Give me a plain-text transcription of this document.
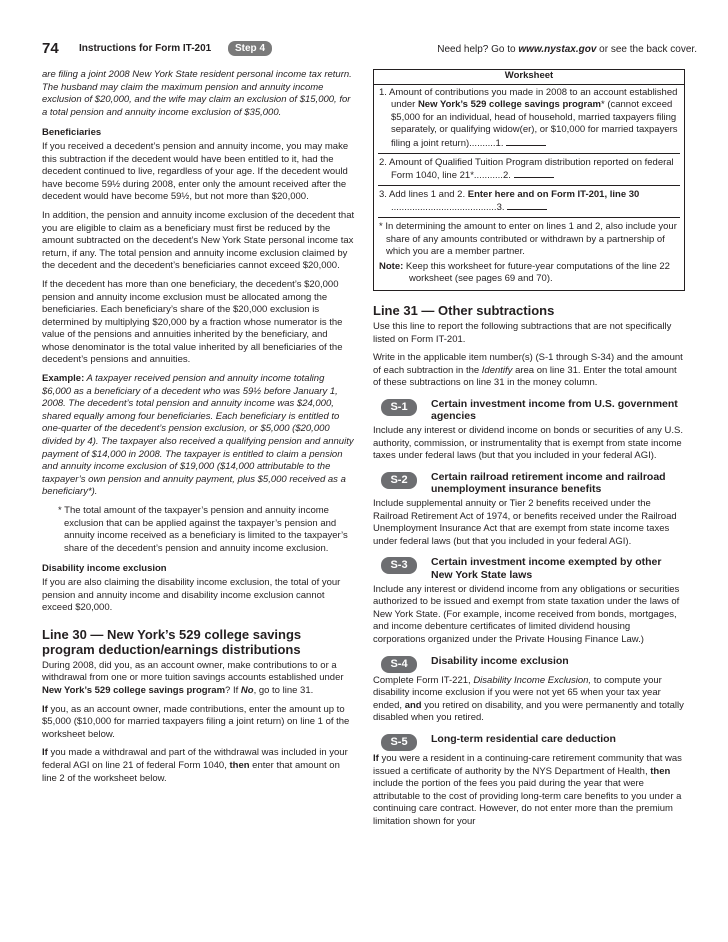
74 Instructions for Form IT-201	Step 4	Need help? Go to www.nystax.gov or see the back cover.
are filing a joint 2008 New York State resident personal income tax return. The husband may claim the maximum pension and annuity income exclusion of $20,000, and the wife may claim an exclusion of $15,000, for a total pension and annuity income exclusion of $35,000.
Beneficiaries
If you received a decedent’s pension and annuity income, you may make this subtraction if the decedent would have been entitled to it, had the decedent continued to live, regardless of your age. If the decedent would have become 59½ during 2008, enter only the amount received after the decedent would have become 59½, but not more than $20,000.
In addition, the pension and annuity income exclusion of the decedent that you are eligible to claim as a beneficiary must first be reduced by the amount subtracted on the decedent’s New York State personal income tax return, if any. The total pension and annuity income exclusion claimed by the decedent and the decedent’s beneficiaries cannot exceed $20,000.
If the decedent has more than one beneficiary, the decedent’s $20,000 pension and annuity income exclusion must be allocated among the beneficiaries. Each beneficiary’s share of the $20,000 exclusion is determined by multiplying $20,000 by a fraction whose numerator is the value of the pensions and annuities inherited by the beneficiary, and whose denominator is the total value inherited by all beneficiaries of the decedent’s pensions and annuities.
Example: A taxpayer received pension and annuity income totaling $6,000 as a beneficiary of a decedent who was 59½ before January 1, 2008. The decedent’s total pension and annuity income was $24,000, shared equally among four beneficiaries. Each beneficiary is entitled to one-quarter of the decedent’s pension exclusion, or $5,000 ($20,000 divided by 4). The taxpayer also received a qualifying pension and annuity payment of $14,000 in 2008. The taxpayer is entitled to claim a pension and annuity income exclusion of $19,000 ($14,000 attributable to the taxpayer’s own pension and annuity payment, plus $5,000 received as a beneficiary*).
* The total amount of the taxpayer’s pension and annuity income exclusion that can be applied against the taxpayer’s pension and annuity income received as a beneficiary is limited to the taxpayer’s share of the decedent’s pension and annuity income exclusion.
Disability income exclusion
If you are also claiming the disability income exclusion, the total of your pension and annuity income and disability income exclusion cannot exceed $20,000.
Line 30 — New York’s 529 college savings program deduction/earnings distributions
During 2008, did you, as an account owner, make contributions to or a withdrawal from one or more tuition savings accounts established under New York’s 529 college savings program? If No, go to line 31.
If you, as an account owner, made contributions, enter the amount up to $5,000 ($10,000 for married taxpayers filing a joint return) on line 1 of the worksheet below.
If you made a withdrawal and part of the withdrawal was included in your federal AGI on line 21 of federal Form 1040, then enter that amount on line 2 of the worksheet below.
Worksheet
1. Amount of contributions you made in 2008 to an account established under New York’s 529 college savings program* (cannot exceed $5,000 for an individual, head of household, married taxpayers filing separately, or qualifying widow(er), or $10,000 for married taxpayers filing a joint return)..........1.
2. Amount of Qualified Tuition Program distribution reported on federal Form 1040, line 21*...........2.
3. Add lines 1 and 2. Enter here and on Form IT-201, line 30 ........................................3.
* In determining the amount to enter on lines 1 and 2, also include your share of any amounts contributed or withdrawn by a partnership of which you are a member partner.
Note: Keep this worksheet for future-year computations of the line 22 worksheet (see pages 69 and 70).
Line 31 — Other subtractions
Use this line to report the following subtractions that are not specifically listed on Form IT-201.
Write in the applicable item number(s) (S-1 through S-34) and the amount of each subtraction in the Identify area on line 31. Enter the total amount of these subtractions on line 31 in the money column.
S-1	Certain investment income from U.S. government agencies
Include any interest or dividend income on bonds or securities of any U.S. authority, commission, or instrumentality that is exempt from state income taxes under federal laws (but that you included in your federal AGI).
S-2	Certain railroad retirement income and railroad unemployment insurance benefits
Include supplemental annuity or Tier 2 benefits received under the Railroad Retirement Act of 1974, or benefits received under the Railroad Unemployment Insurance Act that are exempt from state income taxes under federal laws (but that you included in your federal AGI).
S-3	Certain investment income exempted by other New York State laws
Include any interest or dividend income from any obligations or securities authorized to be issued and exempt from state taxation under the laws of New York State. (For example, income received from bonds, mortgages, and income debenture certificates of limited dividend housing corporations organized under the Private Housing Finance Law.)
S-4	Disability income exclusion
Complete Form IT-221, Disability Income Exclusion, to compute your disability income exclusion if you were not yet 65 when your tax year ended, and you retired on disability, and you were permanently and totally disabled when you retired.
S-5	Long-term residential care deduction
If you were a resident in a continuing-care retirement community that was issued a certificate of authority by the NYS Department of Health, then include the portion of the fees you paid during the year that were attributable to the cost of providing long-term care benefits to you under a continuing care contract. However, do not enter more than the premium limitation shown for your
